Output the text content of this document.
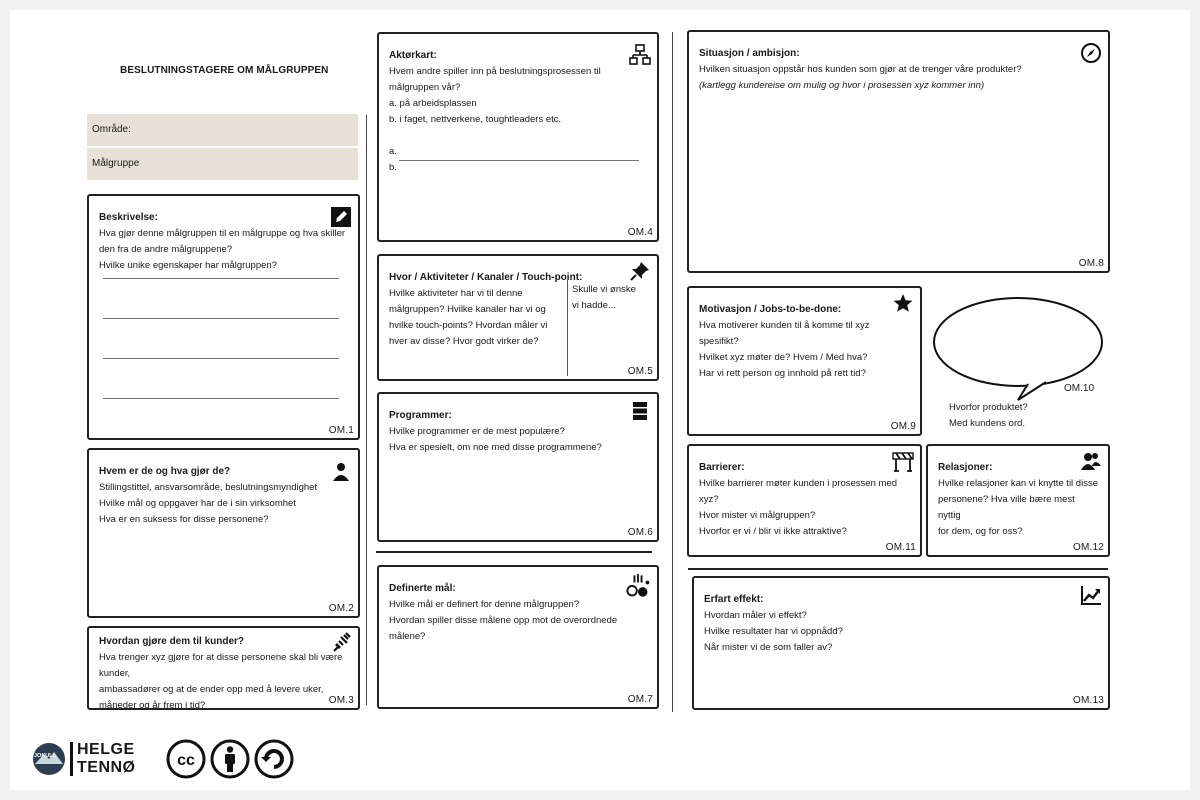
BESLUTNINGSTAGERE OM MÅLGRUPPEN
Område:
Målgruppe
Beskrivelse:
Hva gjør denne målgruppen til en målgruppe og hva skiller
den fra de andre målgruppene?
Hvilke unike egenskaper har målgruppen?
OM.1
Hvem er de og hva gjør de?
Stillingstittel, ansvarsområde, beslutningsmyndighet
Hvilke mål og oppgaver har de i sin virksomhet
Hva er en suksess for disse personene?
OM.2
Hvordan gjøre dem til kunder?
Hva trenger xyz gjøre for at disse personene skal bli være kunder,
ambassadører og at de ender opp med å levere uker,
måneder og år frem i tid?	OM.3
Aktørkart:
Hvem andre spiller inn på beslutningsprosessen til målgruppen vår?
a. på arbeidsplassen
b. i faget, nettverkene, toughtleaders etc.
a.
b.
OM.4
Hvor / Aktiviteter / Kanaler / Touch-point:
Hvilke aktiviteter har vi til denne
målgruppen? Hvilke kanaler har vi og
hvilke touch-points? Hvordan måler vi
hver av disse? Hvor godt virker de?
Skulle vi ønske
vi hadde...
OM.5
Programmer:
Hvilke programmer er de mest populære?
Hva er spesielt, om noe med disse programmene?
OM.6
Definerte mål:
Hvilke mål er definert for denne målgruppen?
Hvordan spiller disse målene opp mot de overordnede målene?
OM.7
Situasjon / ambisjon:
Hvilken situasjon oppstår hos kunden som gjør at de trenger våre produkter?
(kartlegg kundereise om mulig og hvor i prosessen xyz kommer inn)
OM.8
Motivasjon / Jobs-to-be-done:
Hva motiverer kunden til å komme til xyz spesifikt?
Hvilket xyz møter de? Hvem / Med hva?
Har vi rett person og innhold på rett tid?
OM.9
OM.10
Hvorfor produktet?
Med kundens ord.
Barrierer:
Hvilke barrierer møter kunden i prosessen med xyz?
Hvor mister vi målgruppen?
Hvorfor er vi / blir vi ikke attraktive?
OM.11
Relasjoner:
Hvilke relasjoner kan vi knytte til disse
personene? Hva ville bære mest nyttig
for dem, og for oss?
OM.12
Erfart effekt:
Hvordan måler vi effekt?
Hvilke resultater har vi oppnådd?
Når mister vi de som faller av?
OM.13
JOKULL HELGE
TENNØ	cc
